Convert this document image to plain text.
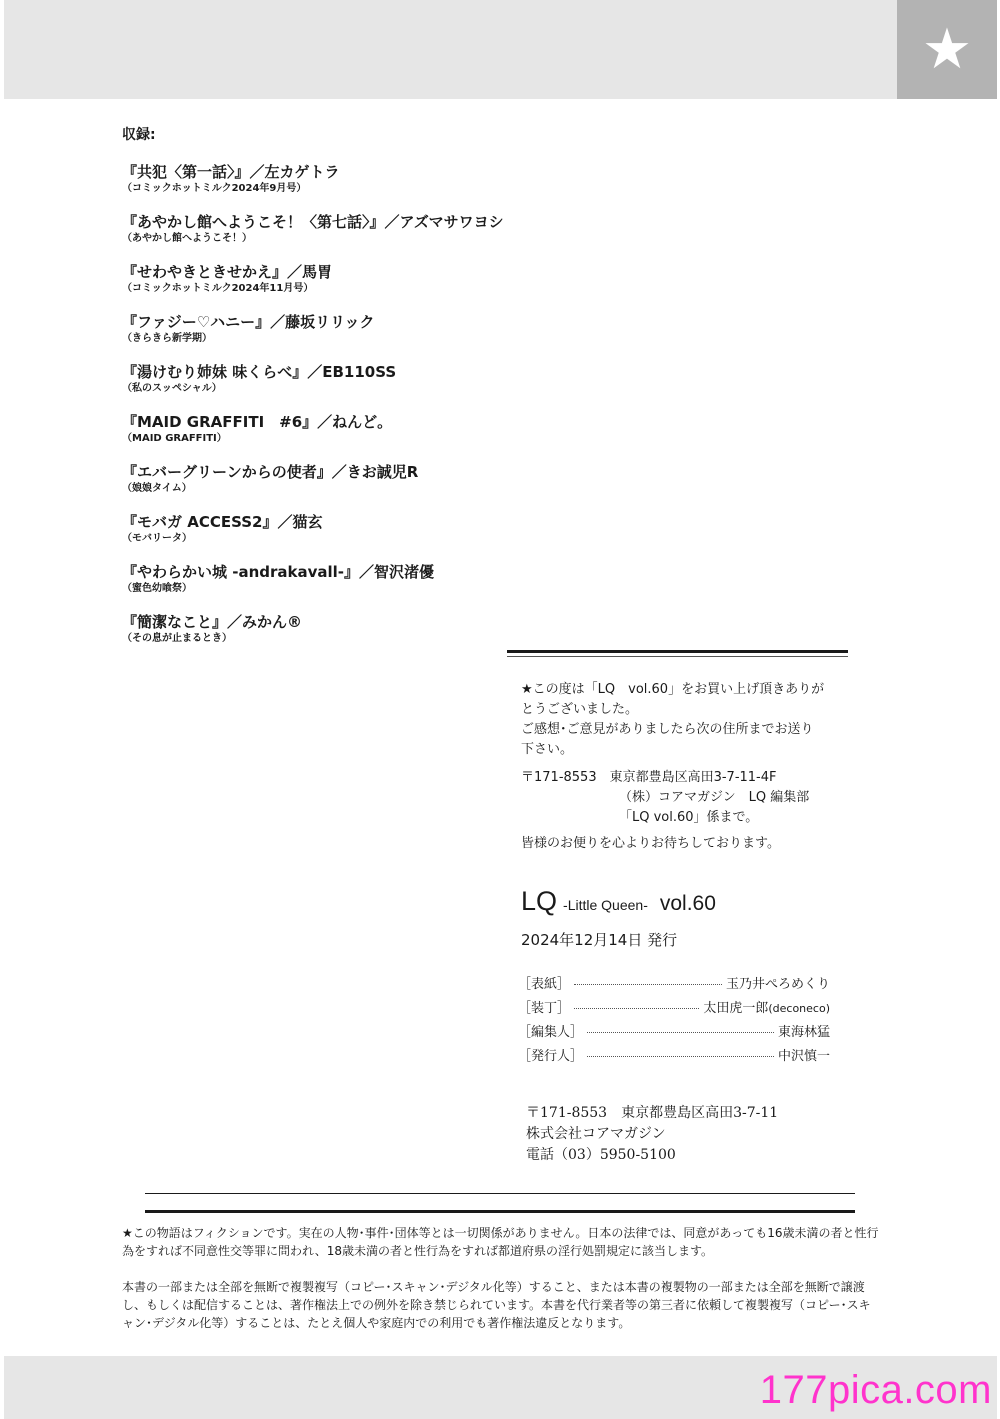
★
収録:
『共犯〈第一話〉』／左カゲトラ
（コミックホットミルク2024年9月号）
『あやかし館へようこそ！〈第七話〉』／アズマサワヨシ
（あやかし館へようこそ！）
『せわやきときせかえ』／馬胃
（コミックホットミルク2024年11月号）
『ファジー♡ハニー』／藤坂リリック
（きらきら新学期）
『湯けむり姉妹 味くらべ』／EB110SS
（私のスッペシャル）
『MAID GRAFFITI　#6』／ねんど。
（MAID GRAFFITI）
『エバーグリーンからの使者』／きお誠児R
（娘娘タイム）
『モバガ ACCESS2』／猫玄
（モバリータ）
『やわらかい城 -andrakavall-』／智沢渚優
（蜜色幼喰祭）
『簡潔なこと』／みかん®
（その息が止まるとき）

★この度は「LQ　vol.60」をお買い上げ頂きありが

とうございました。

ご感想･ご意見がありましたら次の住所までお送り

下さい。

〒171-8553　東京都豊島区高田3-7-11-4F
（株）コアマガジン　LQ 編集部
「LQ vol.60」係まで。

皆様のお便りを心よりお待ちしております。

LQ -Little Queen- vol.60
2024年12月14日 発行
［表紙］	玉乃井ぺろめくり
［装丁］	太田虎一郎(deconeco)
［編集人］	東海林猛
［発行人］	中沢慎一
〒171-8553　東京都豊島区高田3-7-11
株式会社コアマガジン
電話（03）5950-5100

★この物語はフィクションです。実在の人物･事件･団体等とは一切関係がありません。日本の法律では、同意があっても16歳未満の者と性行為をすれば不同意性交等罪に問われ、18歳未満の者と性行為をすれば都道府県の淫行処罰規定に該当します。

本書の一部または全部を無断で複製複写（コピー･スキャン･デジタル化等）すること、または本書の複製物の一部または全部を無断で譲渡し、もしくは配信することは、著作権法上での例外を除き禁じられています。本書を代行業者等の第三者に依頼して複製複写（コピー･スキャン･デジタル化等）することは、たとえ個人や家庭内での利用でも著作権法違反となります。

177pica.com
